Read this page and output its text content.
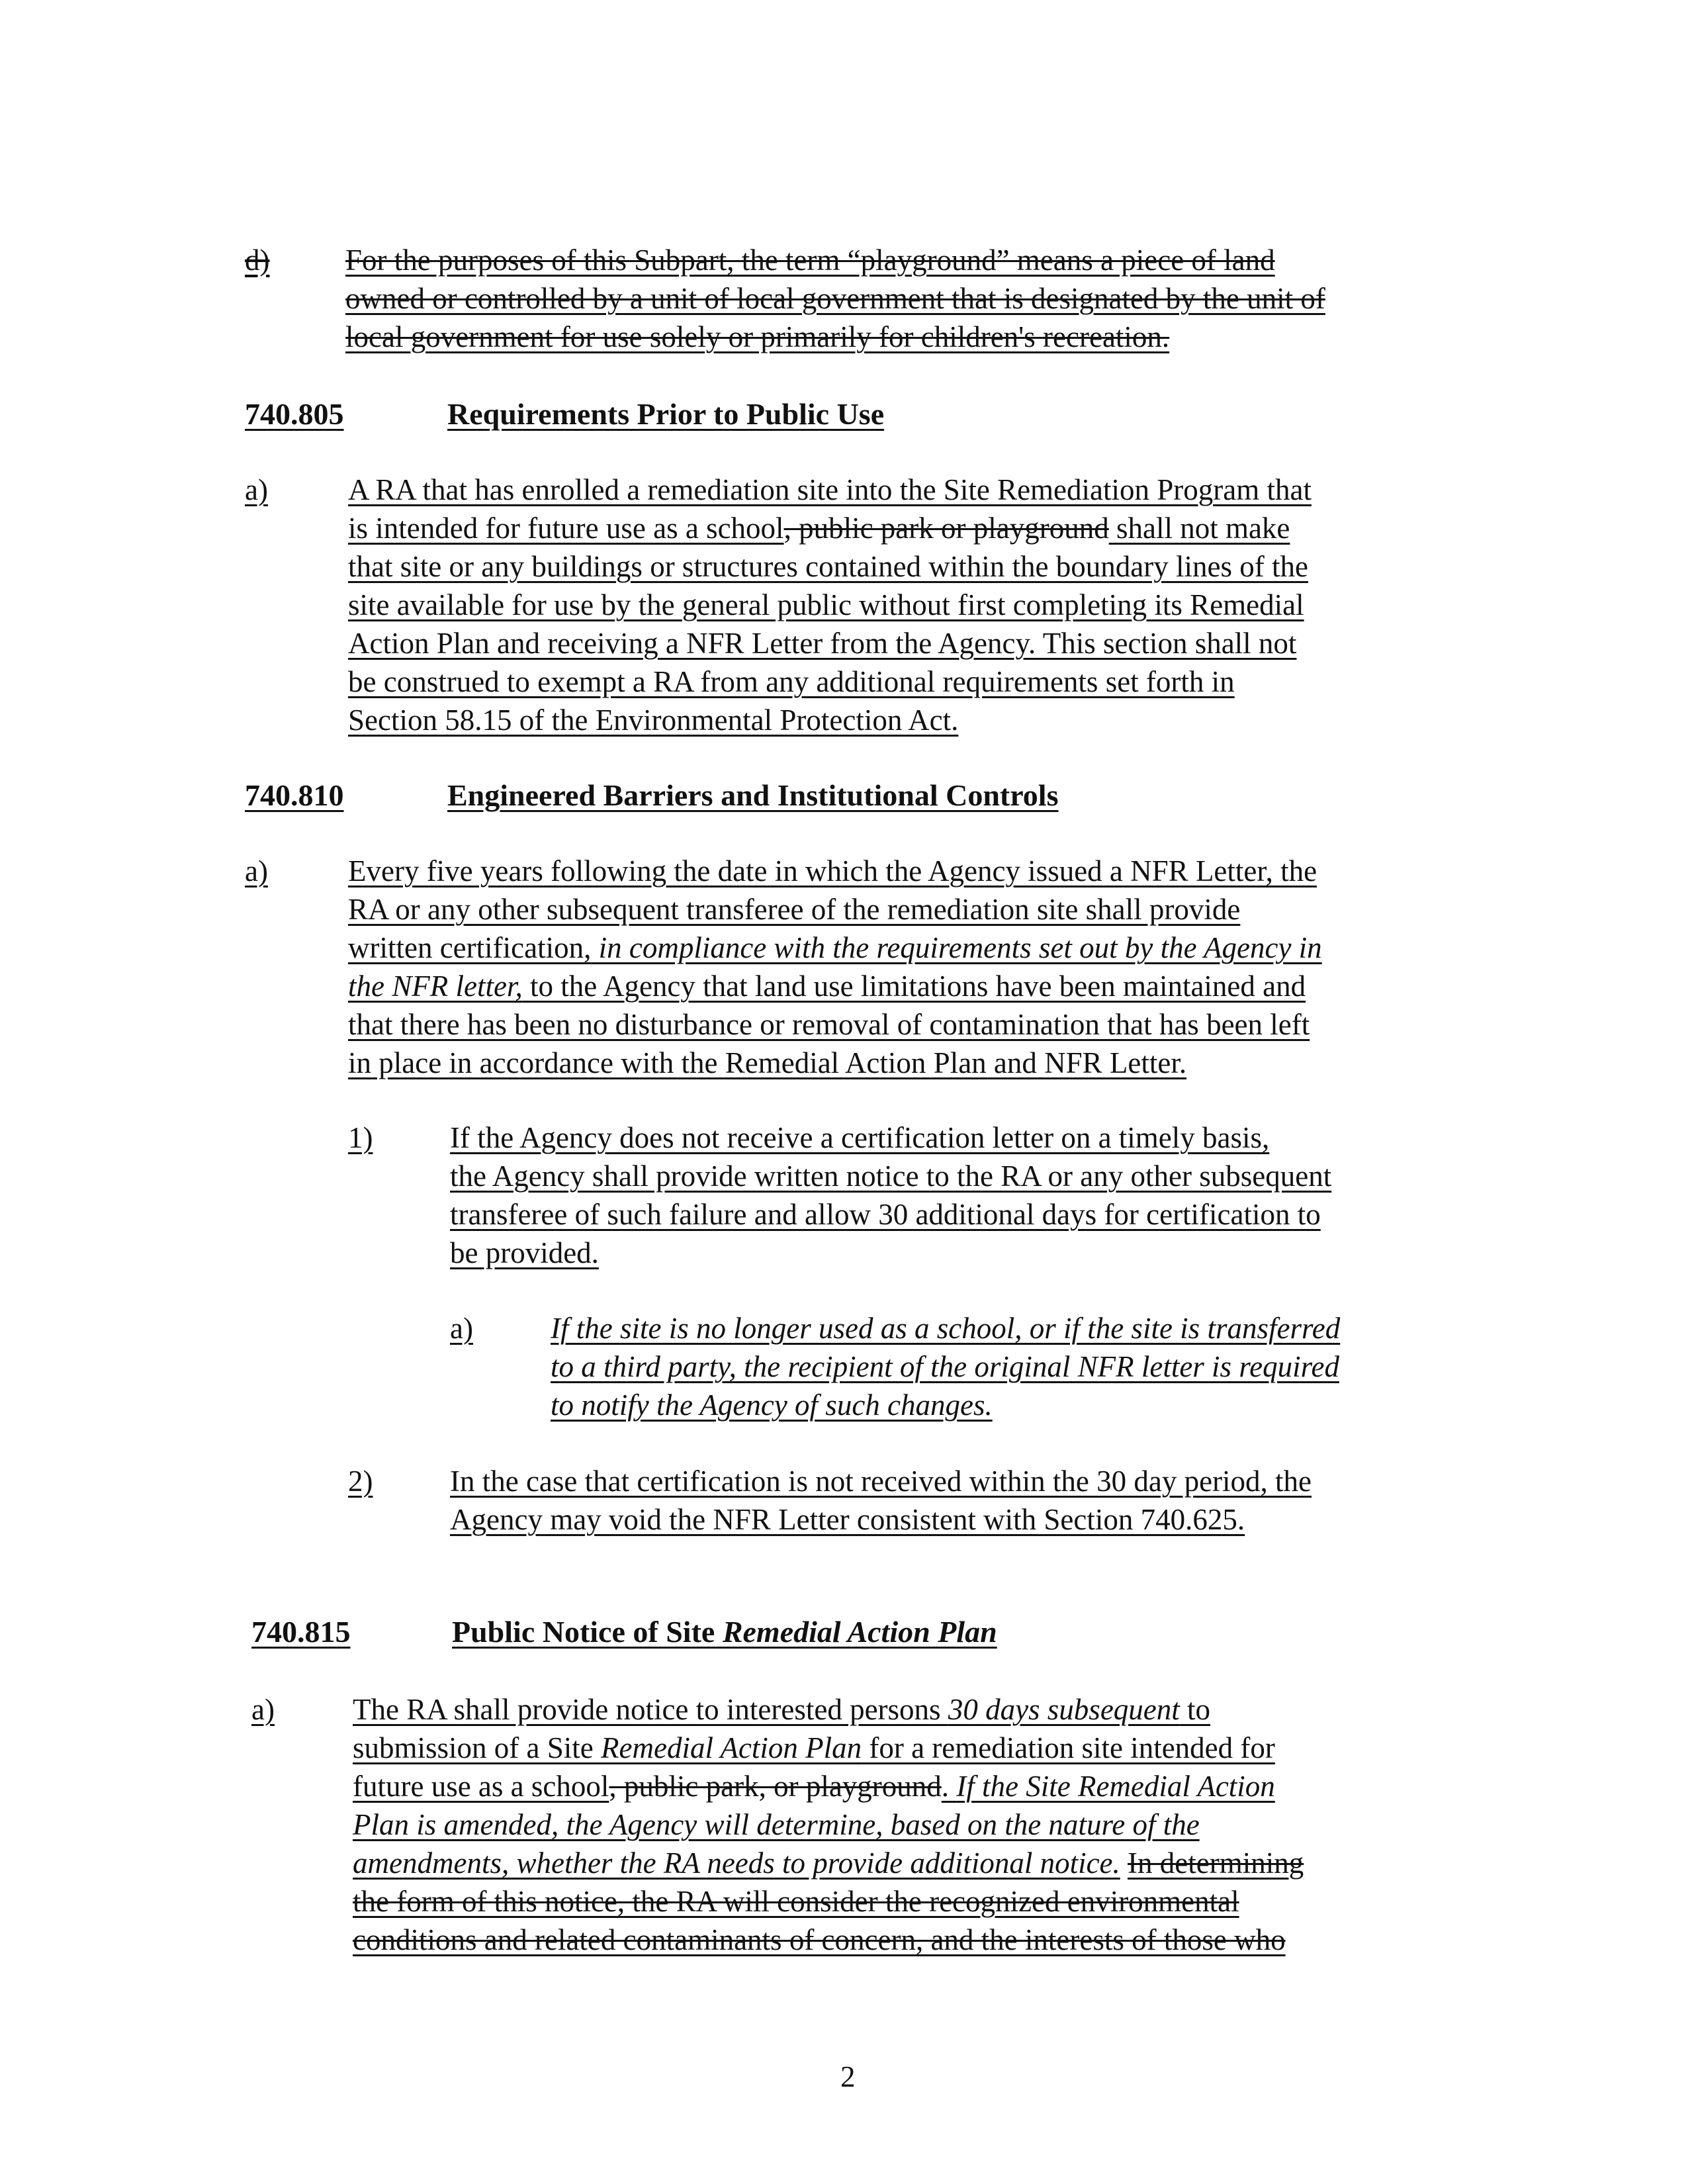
d)	For the purposes of this Subpart, the term “playground” means a piece of land
owned or controlled by a unit of local government that is designated by the unit of
local government for use solely or primarily for children's recreation.
740.805	Requirements Prior to Public Use
a)	A RA that has enrolled a remediation site into the Site Remediation Program that
is intended for future use as a school, public park or playground shall not make
that site or any buildings or structures contained within the boundary lines of the
site available for use by the general public without first completing its Remedial
Action Plan and receiving a NFR Letter from the Agency. This section shall not
be construed to exempt a RA from any additional requirements set forth in
Section 58.15 of the Environmental Protection Act.
740.810	Engineered Barriers and Institutional Controls
a)	Every five years following the date in which the Agency issued a NFR Letter, the
RA or any other subsequent transferee of the remediation site shall provide
written certification, in compliance with the requirements set out by the Agency in
the NFR letter, to the Agency that land use limitations have been maintained and
that there has been no disturbance or removal of contamination that has been left
in place in accordance with the Remedial Action Plan and NFR Letter.
1)	If the Agency does not receive a certification letter on a timely basis,
the Agency shall provide written notice to the RA or any other subsequent
transferee of such failure and allow 30 additional days for certification to
be provided.
a)	If the site is no longer used as a school, or if the site is transferred
to a third party, the recipient of the original NFR letter is required
to notify the Agency of such changes.
2)	In the case that certification is not received within the 30 day period, the
Agency may void the NFR Letter consistent with Section 740.625.
740.815	Public Notice of Site Remedial Action Plan
a)	The RA shall provide notice to interested persons 30 days subsequent to
submission of a Site Remedial Action Plan for a remediation site intended for
future use as a school, public park, or playground. If the Site Remedial Action
Plan is amended, the Agency will determine, based on the nature of the
amendments, whether the RA needs to provide additional notice. In determining
the form of this notice, the RA will consider the recognized environmental
conditions and related contaminants of concern, and the interests of those who
2
